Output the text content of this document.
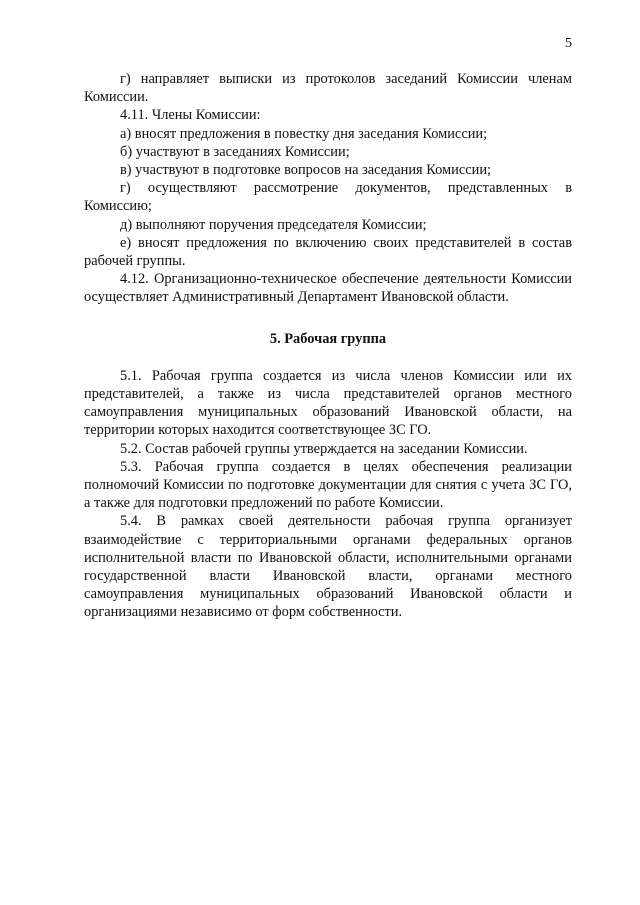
5

г) направляет выписки из протоколов заседаний Комиссии членам Комиссии.

4.11. Члены Комиссии:

а) вносят предложения в повестку дня заседания Комиссии;

б) участвуют в заседаниях Комиссии;

в) участвуют в подготовке вопросов на заседания Комиссии;

г) осуществляют рассмотрение документов, представленных в Комиссию;

д) выполняют поручения председателя Комиссии;

е) вносят предложения по включению своих представителей в состав рабочей группы.

4.12. Организационно-техническое обеспечение деятельности Комиссии осуществляет Административный Департамент Ивановской области.

5. Рабочая группа

5.1. Рабочая группа создается из числа членов Комиссии или их представителей, а также из числа представителей органов местного самоуправления муниципальных образований Ивановской области, на территории которых находится соответствующее ЗС ГО.

5.2. Состав рабочей группы утверждается на заседании Комиссии.

5.3. Рабочая группа создается в целях обеспечения реализации полномочий Комиссии по подготовке документации для снятия с учета ЗС ГО, а также для подготовки предложений по работе Комиссии.

5.4. В рамках своей деятельности рабочая группа организует взаимодействие с территориальными органами федеральных органов исполнительной власти по Ивановской области, исполнительными органами государственной власти Ивановской власти, органами местного самоуправления муниципальных образований Ивановской области и организациями независимо от форм собственности.
